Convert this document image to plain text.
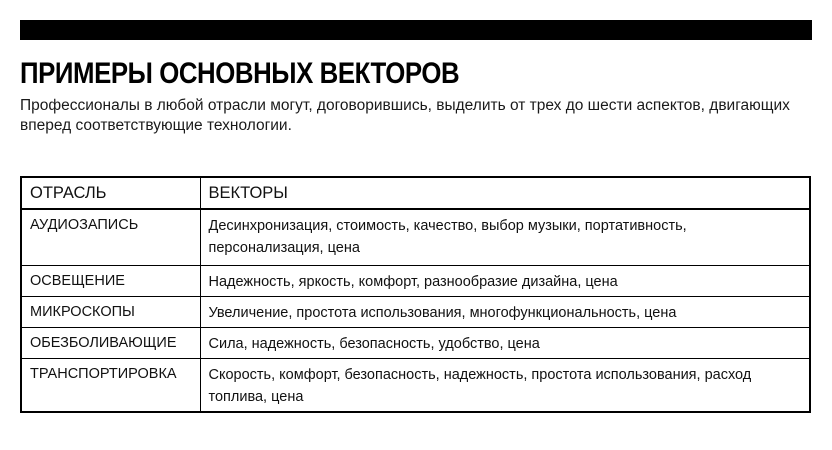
ПРИМЕРЫ ОСНОВНЫХ ВЕКТОРОВ

Профессионалы в любой отрасли могут, договорившись, выделить от трех до шести аспектов, двигающих вперед соответствующие технологии.

ОТРАСЛЬ	ВЕКТОРЫ
АУДИОЗАПИСЬ	Десинхронизация, стоимость, качество, выбор музыки, портативность, персонализация, цена
ОСВЕЩЕНИЕ	Надежность, яркость, комфорт, разнообразие дизайна, цена
МИКРОСКОПЫ	Увеличение, простота использования, многофункциональность, цена
ОБЕЗБОЛИВАЮЩИЕ	Сила, надежность, безопасность, удобство, цена
ТРАНСПОРТИРОВКА	Скорость, комфорт, безопасность, надежность, простота использования, расход топлива, цена
